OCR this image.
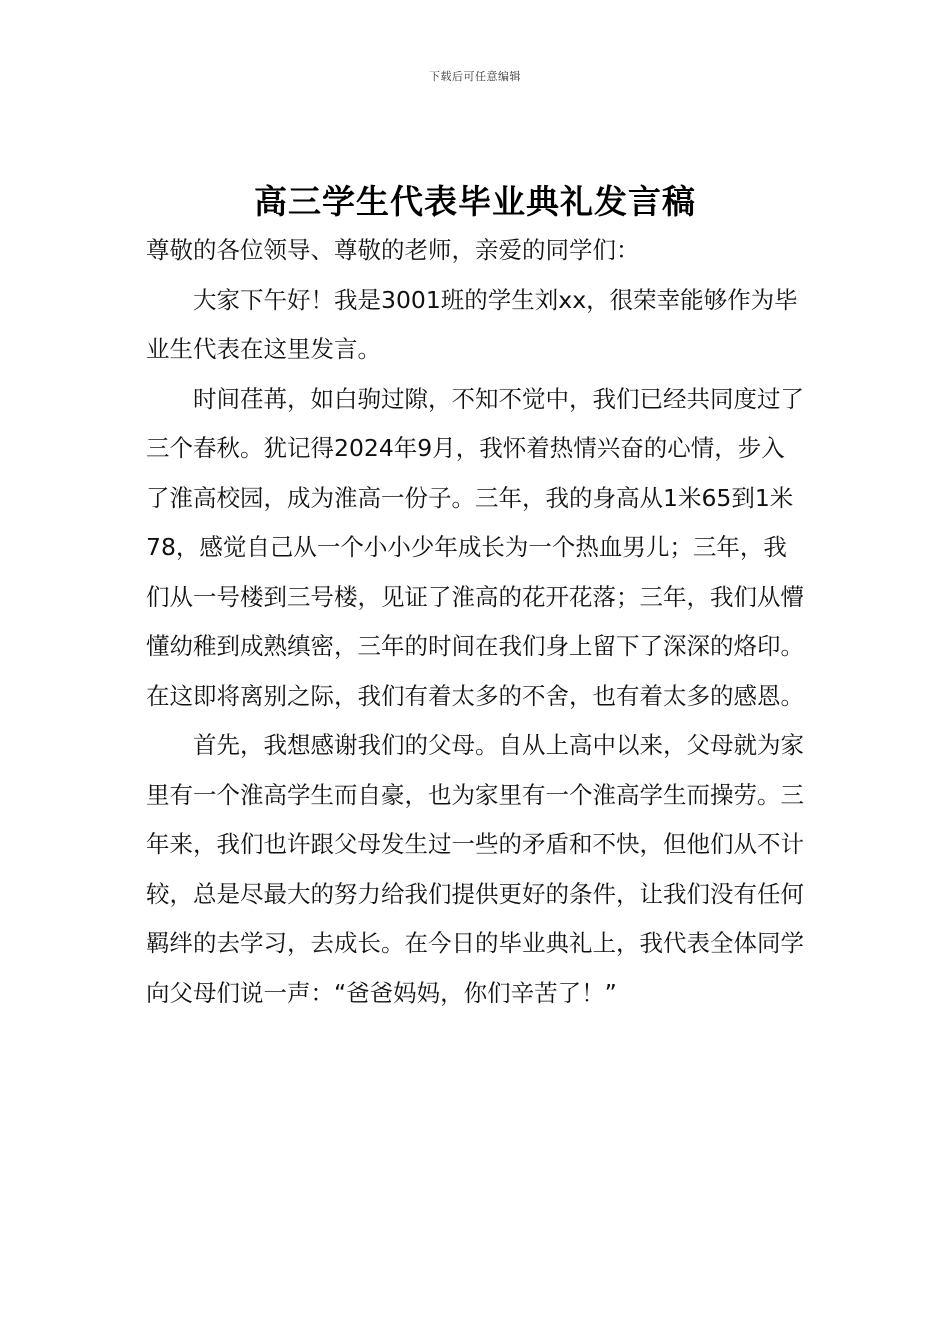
下载后可任意编辑
高三学生代表毕业典礼发言稿

尊敬的各位领导、尊敬的老师，亲爱的同学们：

大家下午好！我是3001班的学生刘xx，很荣幸能够作为毕业生代表在这里发言。

时间荏苒，如白驹过隙，不知不觉中，我们已经共同度过了三个春秋。犹记得2024年9月，我怀着热情兴奋的心情，步入了淮高校园，成为淮高一份子。三年，我的身高从1米65到1米78，感觉自己从一个小小少年成长为一个热血男儿；三年，我们从一号楼到三号楼，见证了淮高的花开花落；三年，我们从懵懂幼稚到成熟缜密，三年的时间在我们身上留下了深深的烙印。在这即将离别之际，我们有着太多的不舍，也有着太多的感恩。

首先，我想感谢我们的父母。自从上高中以来，父母就为家里有一个淮高学生而自豪，也为家里有一个淮高学生而操劳。三年来，我们也许跟父母发生过一些的矛盾和不快，但他们从不计较，总是尽最大的努力给我们提供更好的条件，让我们没有任何羁绊的去学习，去成长。在今日的毕业典礼上，我代表全体同学向父母们说一声：“爸爸妈妈，你们辛苦了！”
